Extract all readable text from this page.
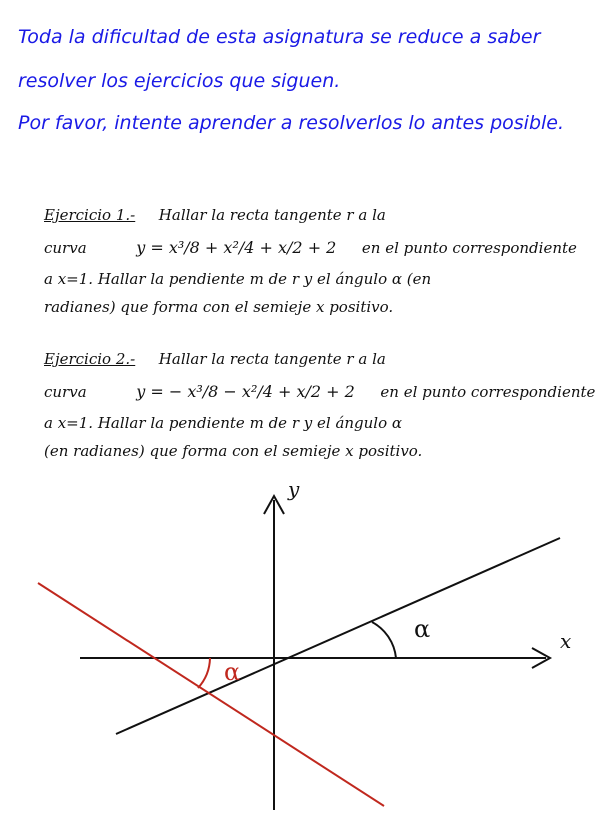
Toda la dificultad de esta asignatura se reduce a saber
resolver los ejercicios que siguen.
Por favor, intente aprender a resolverlos lo antes posible.
Ejercicio 1.- Hallar la recta tangente r a la
curva	y = x³/8 + x²/4 + x/2 + 2 en el punto correspondiente
a x=1. Hallar la pendiente m de r y el ángulo α (en
radianes) que forma con el semieje x positivo.
Ejercicio 2.- Hallar la recta tangente r a la
curva	y = − x³/8 − x²/4 + x/2 + 2 en el punto correspondiente
a x=1. Hallar la pendiente m de r y el ángulo α
(en radianes) que forma con el semieje x positivo.
x
y
α
α
